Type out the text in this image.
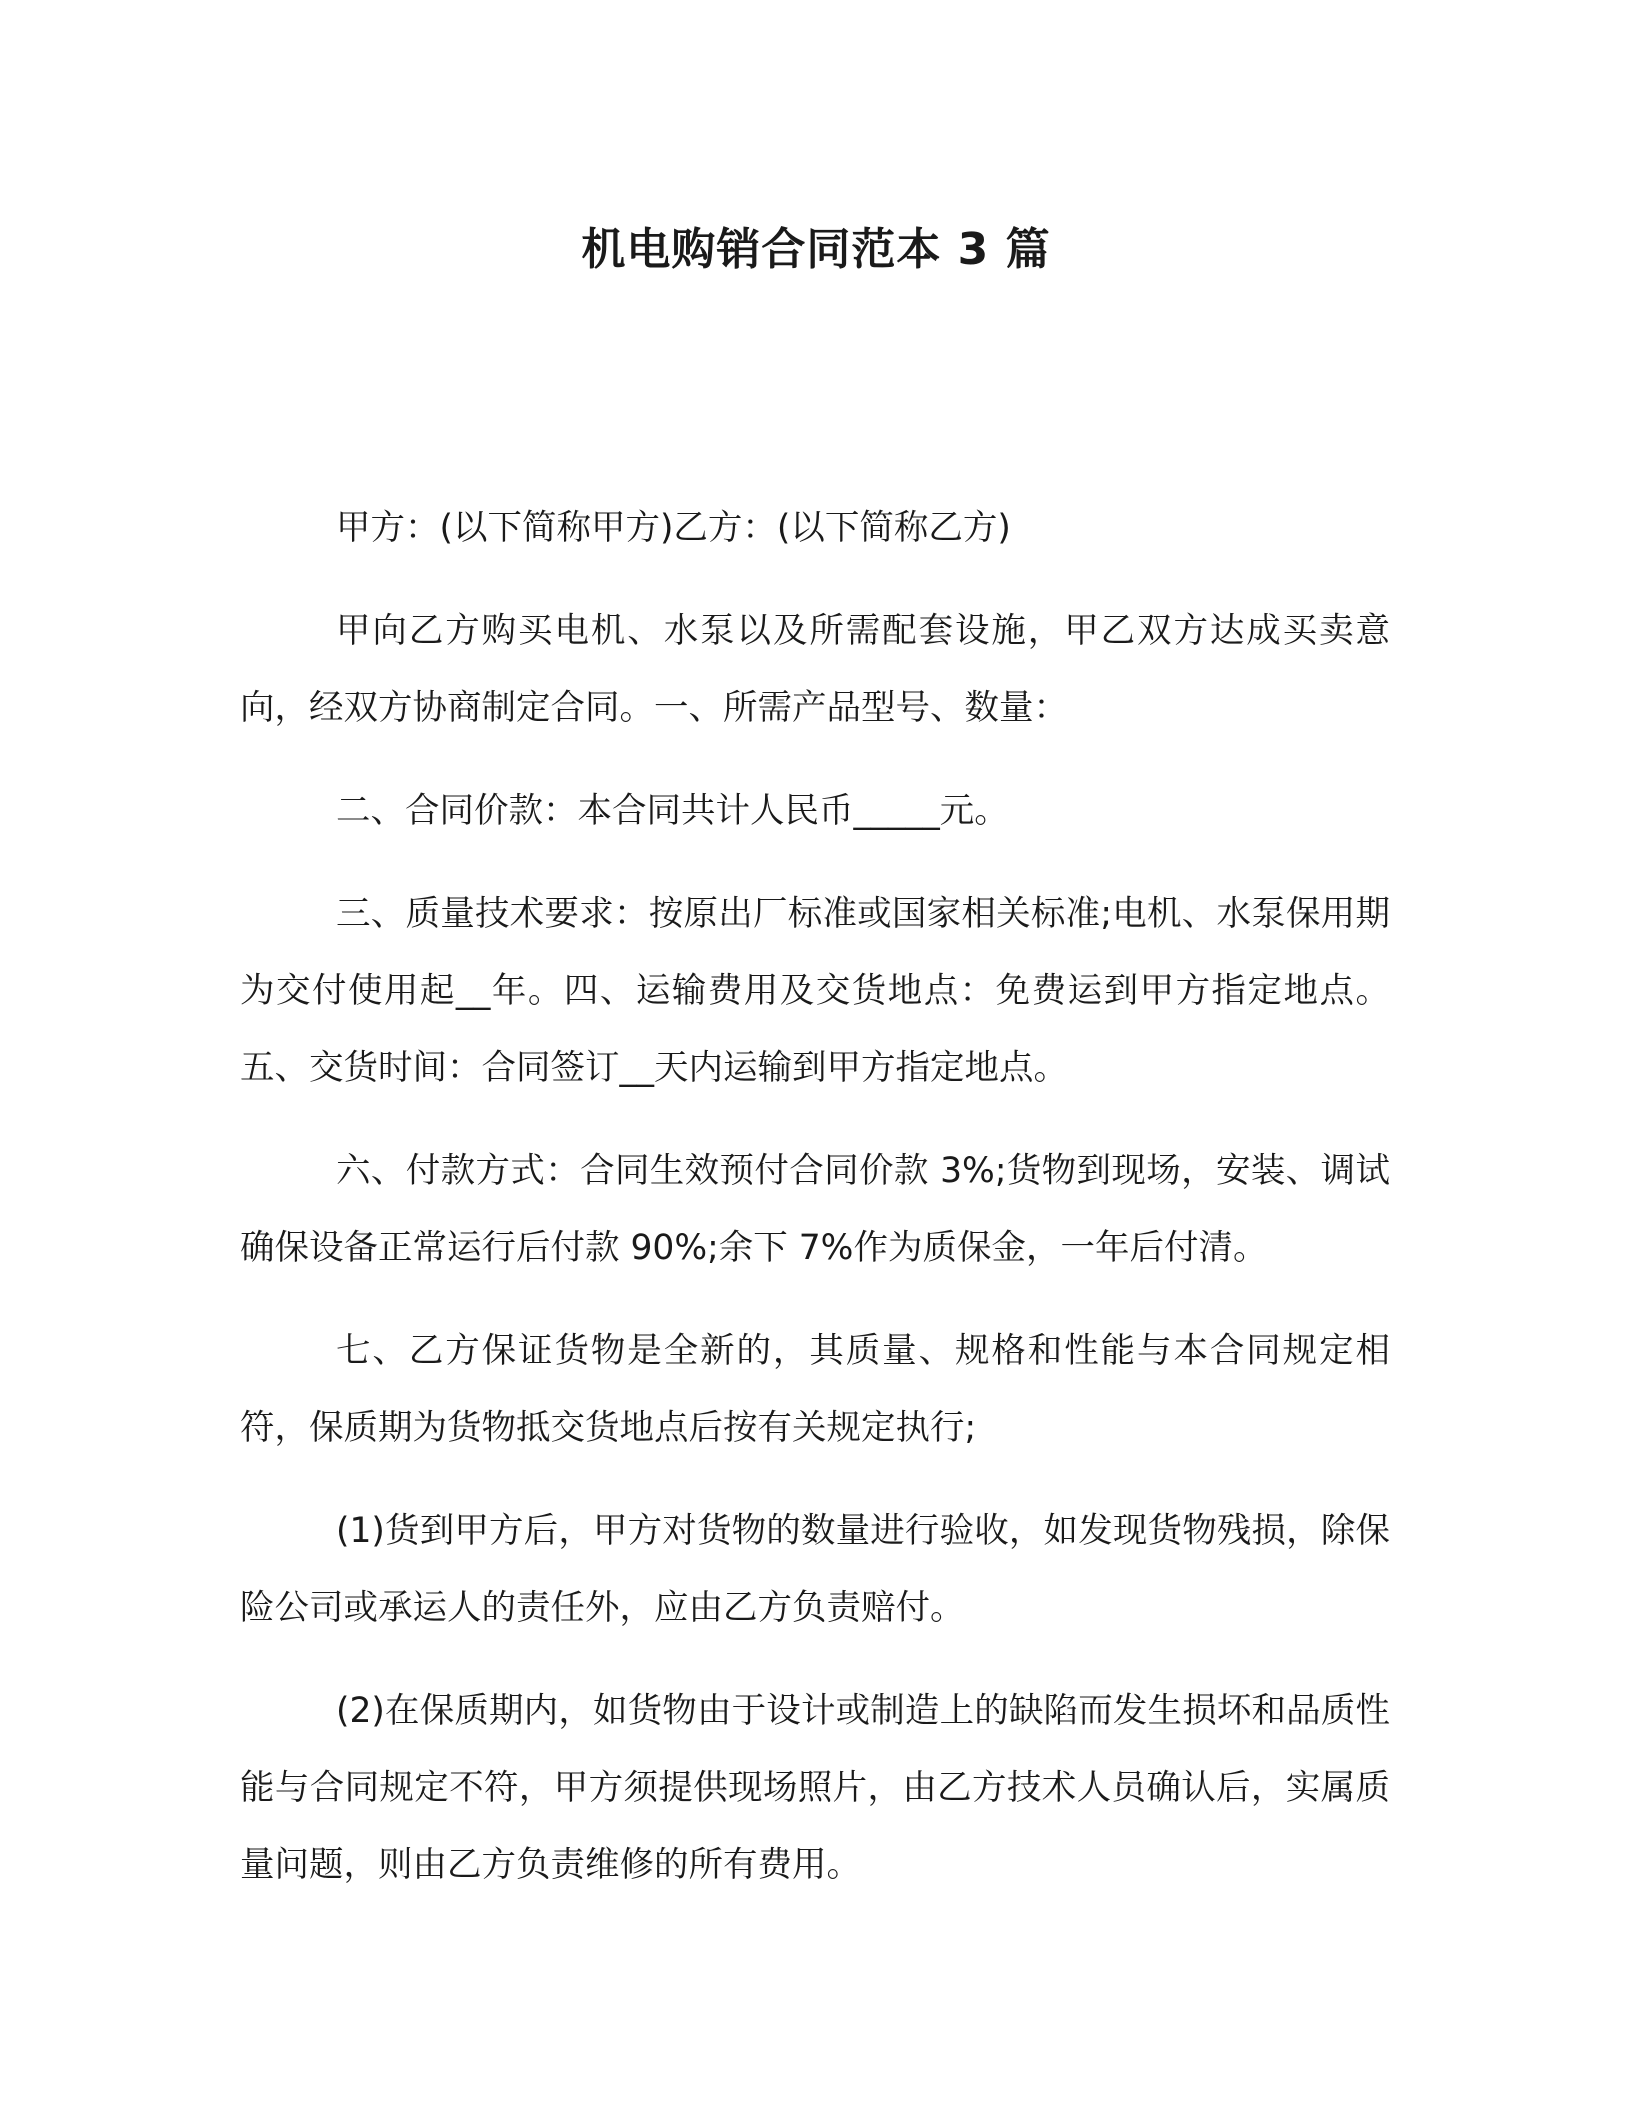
机电购销合同范本 3 篇

甲方：(以下简称甲方)乙方：(以下简称乙方)

甲向乙方购买电机、水泵以及所需配套设施，甲乙双方达成买卖意向，经双方协商制定合同。一、所需产品型号、数量：

二、合同价款：本合同共计人民币_____元。

三、质量技术要求：按原出厂标准或国家相关标准;电机、水泵保用期为交付使用起__年。四、运输费用及交货地点：免费运到甲方指定地点。五、交货时间：合同签订__天内运输到甲方指定地点。

六、付款方式：合同生效预付合同价款 3%;货物到现场，安装、调试确保设备正常运行后付款 90%;余下 7%作为质保金，一年后付清。

七、乙方保证货物是全新的，其质量、规格和性能与本合同规定相符，保质期为货物抵交货地点后按有关规定执行;

(1)货到甲方后，甲方对货物的数量进行验收，如发现货物残损，除保险公司或承运人的责任外，应由乙方负责赔付。

(2)在保质期内，如货物由于设计或制造上的缺陷而发生损坏和品质性能与合同规定不符，甲方须提供现场照片，由乙方技术人员确认后，实属质量问题，则由乙方负责维修的所有费用。
